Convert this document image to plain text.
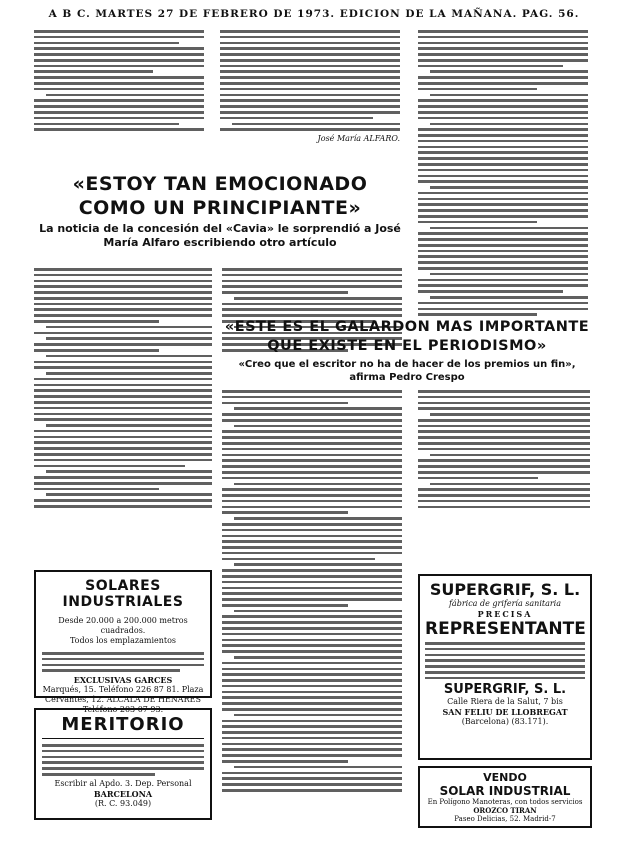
A B C. MARTES 27 DE FEBRERO DE 1973. EDICION DE LA MAÑANA. PAG. 56.
José María ALFARO.
«ESTOY TAN EMOCIONADO COMO UN PRINCIPIANTE»
La noticia de la concesión del «Cavia» le sorprendió a José María Alfaro escribiendo otro artículo
«ESTE ES EL GALARDON MAS IMPORTANTE QUE EXISTE EN EL PERIODISMO»
«Creo que el escritor no ha de hacer de los premios un fin», afirma Pedro Crespo
SOLARES INDUSTRIALES
Desde 20.000 a 200.000 metros cuadrados.
Todos los emplazamientos
EXCLUSIVAS GARCES
Marqués, 15. Teléfono 226 87 81. Plaza Cervantes, 12. ALCALA DE HENARES
Teléfono 203 07 93.
MERITORIO
Escribir al Apdo. 3. Dep. Personal
BARCELONA
(R. C. 93.049)
SUPERGRIF, S. L.
fábrica de grifería sanitaria
PRECISA
REPRESENTANTE
SUPERGRIF, S. L.
Calle Riera de la Salut, 7 bis
SAN FELIU DE LLOBREGAT
(Barcelona) (83.171).
VENDO
SOLAR INDUSTRIAL
En Polígono Manoteras, con todos servicios
OROZCO TIRAN
Paseo Delicias, 52. Madrid-7
